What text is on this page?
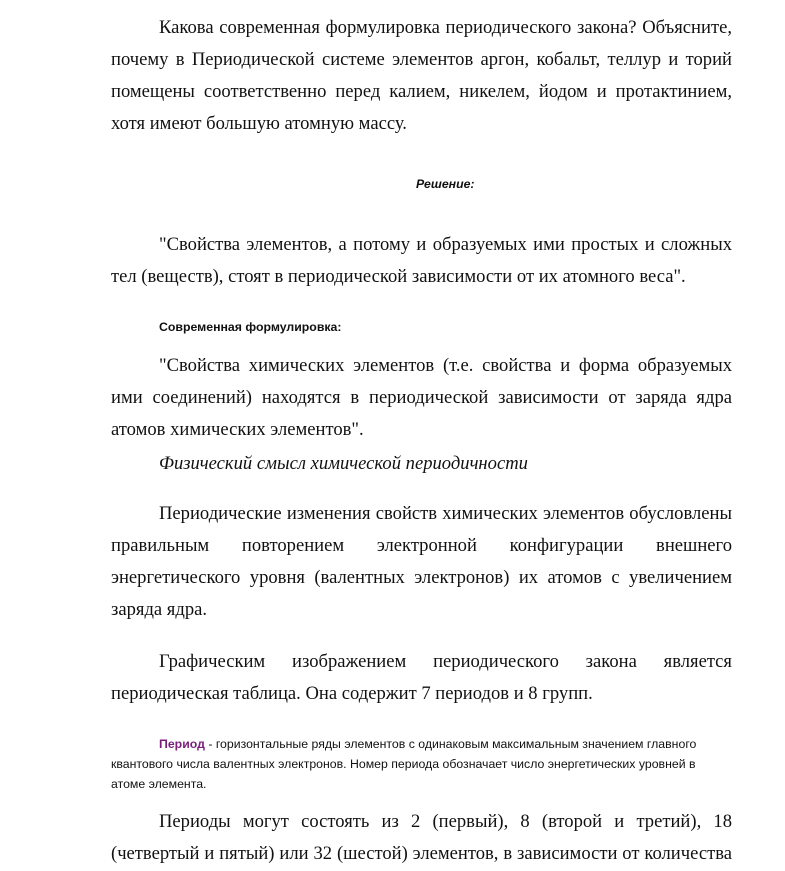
Какова современная формулировка периодического закона? Объясните, почему в Периодической системе элементов аргон, кобальт, теллур и торий помещены соответственно перед калием, никелем, йодом и протактинием, хотя имеют большую атомную массу.

Решение:

"Свойства элементов, а потому и образуемых ими простых и сложных тел (веществ), стоят в периодической зависимости от их атомного веса".

Современная формулировка:

"Свойства химических элементов (т.е. свойства и форма образуемых ими соединений) находятся в периодической зависимости от заряда ядра атомов химических элементов".

Физический смысл химической периодичности

Периодические изменения свойств химических элементов обусловлены правильным повторением электронной конфигурации внешнего энергетического уровня (валентных электронов) их атомов с увеличением заряда ядра.

Графическим изображением периодического закона является периодическая таблица. Она содержит 7 периодов и 8 групп.

Период - горизонтальные ряды элементов с одинаковым максимальным значением главного квантового числа валентных электронов. Номер периода обозначает число энергетических уровней в атоме элемента.

Периоды могут состоять из 2 (первый), 8 (второй и третий), 18 (четвертый и пятый) или 32 (шестой) элементов, в зависимости от количества
